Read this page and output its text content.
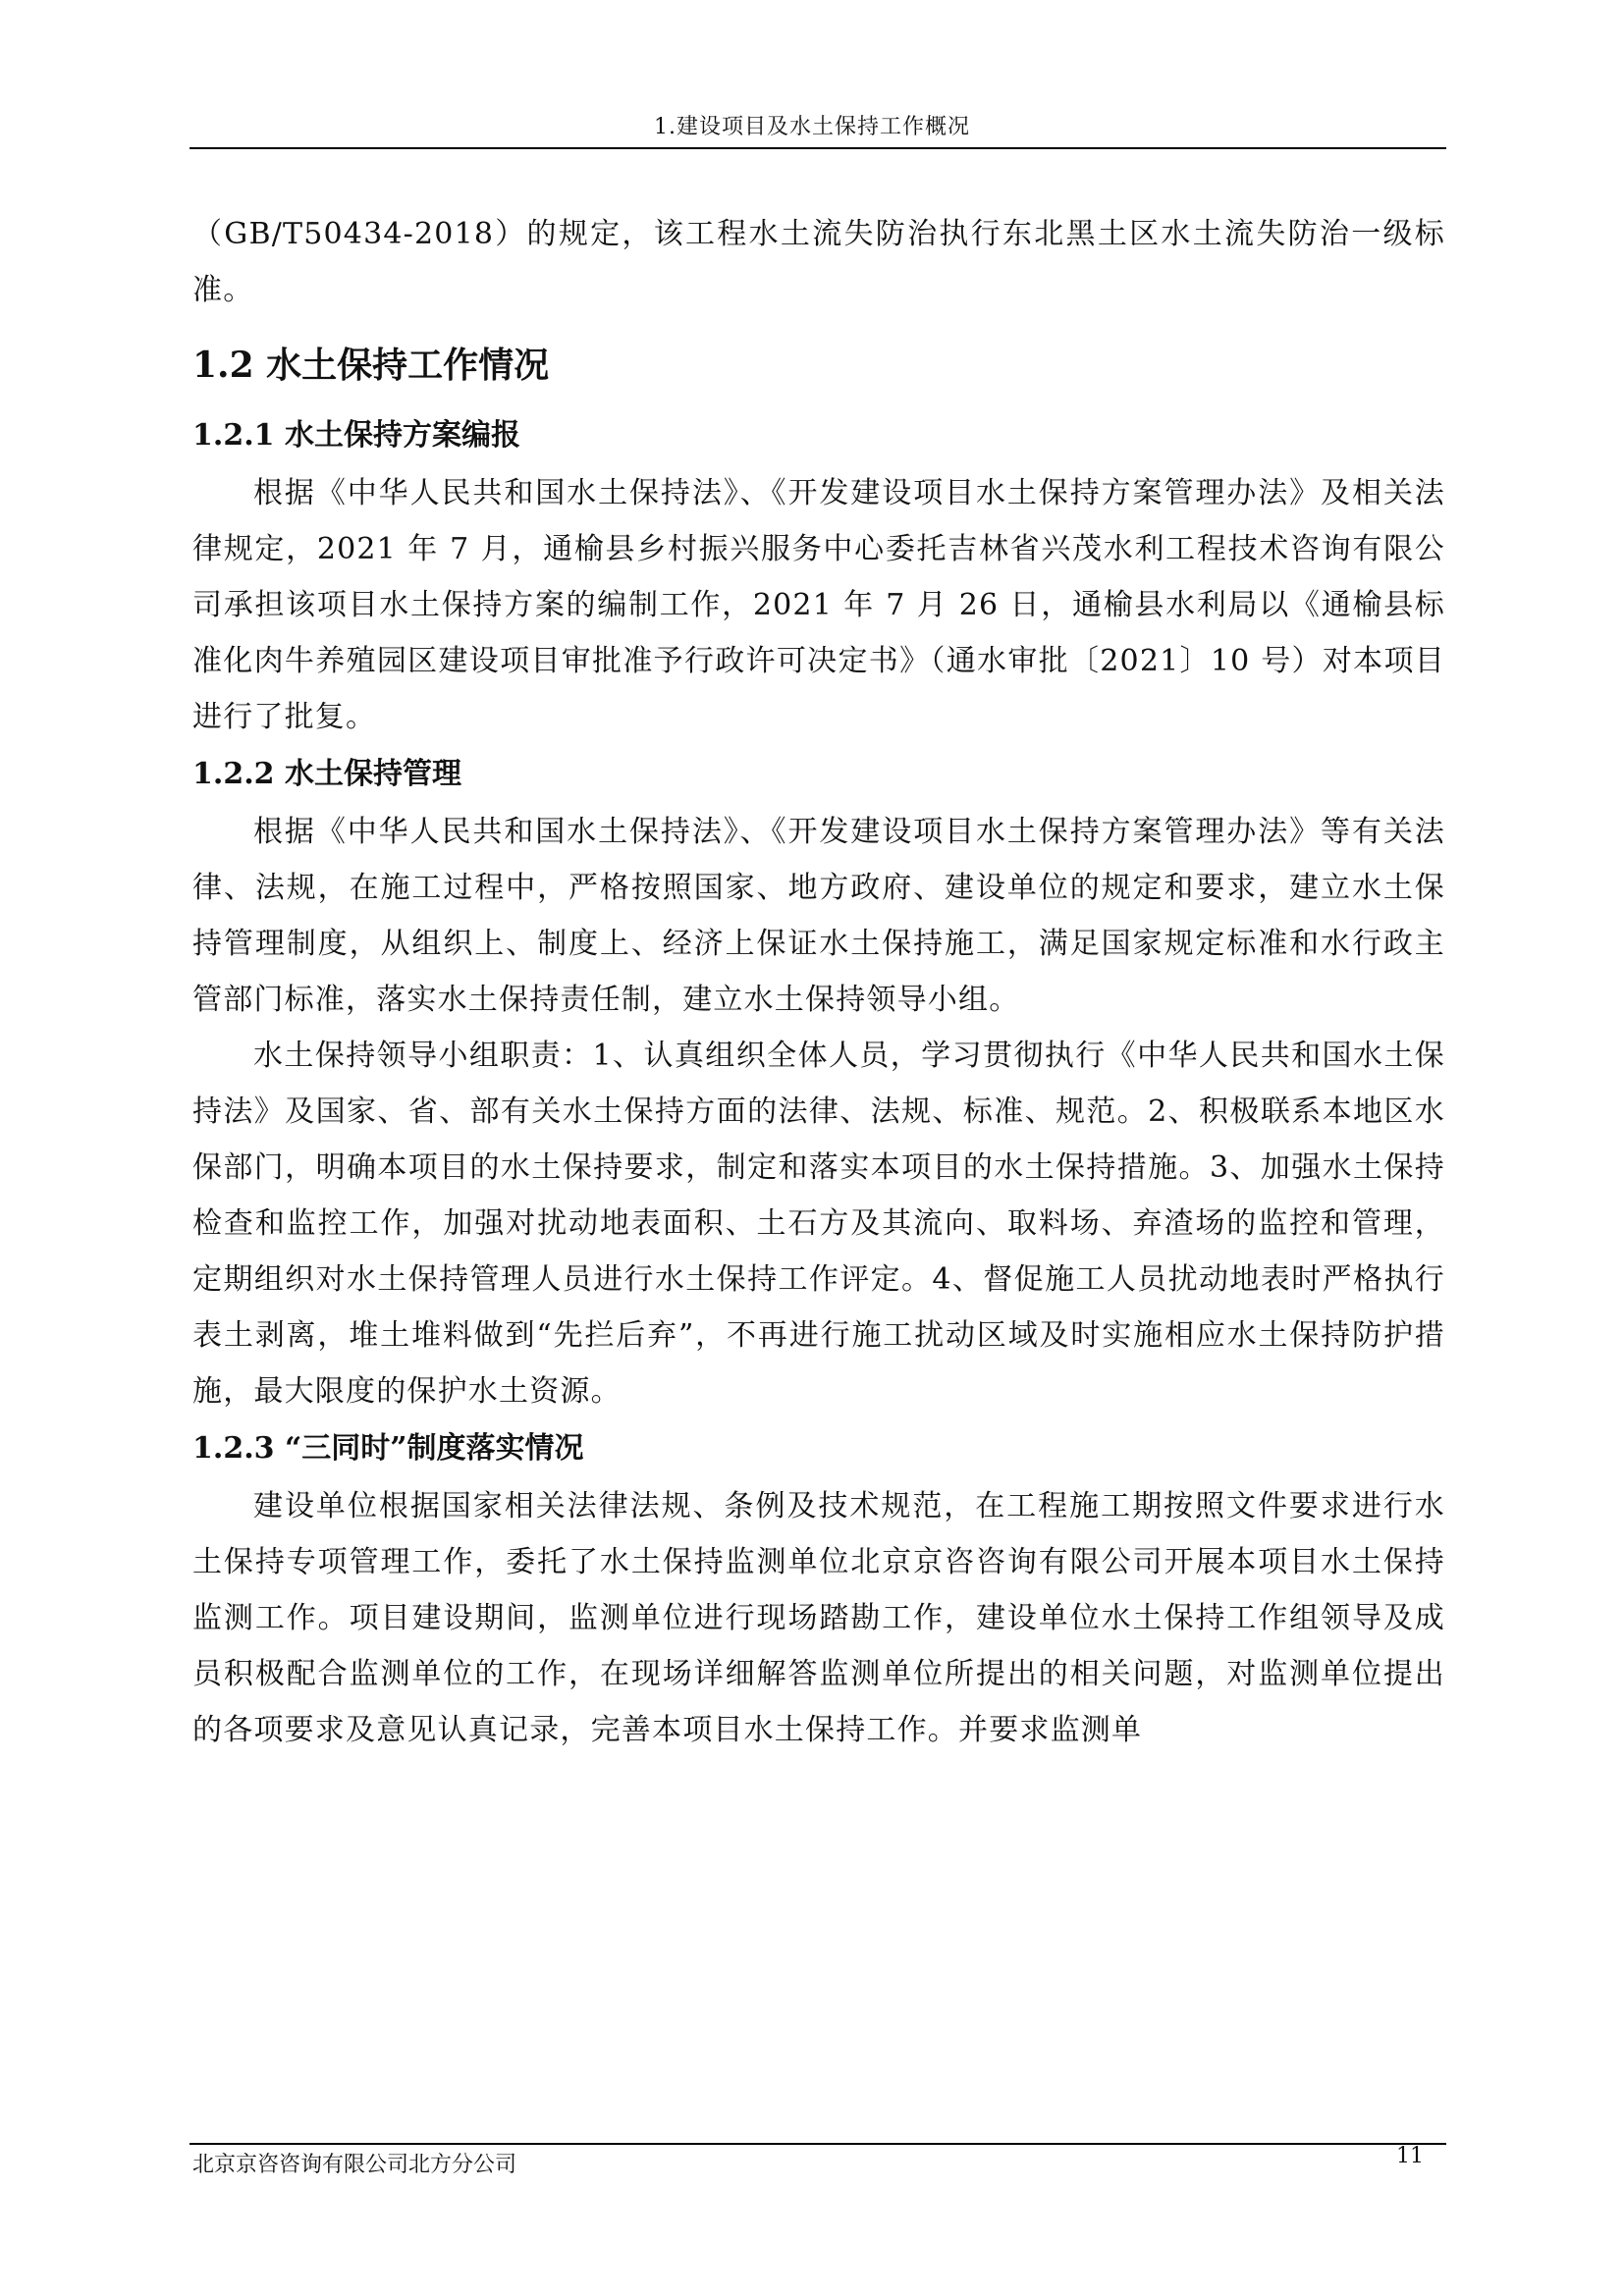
1.建设项目及水土保持工作概况

（GB/T50434-2018）的规定，该工程水土流失防治执行东北黑土区水土流失防治一级标准。

1.2 水土保持工作情况
1.2.1 水土保持方案编报

根据《中华人民共和国水土保持法》、《开发建设项目水土保持方案管理办法》及相关法律规定，2021 年 7 月，通榆县乡村振兴服务中心委托吉林省兴茂水利工程技术咨询有限公司承担该项目水土保持方案的编制工作，2021 年 7 月 26 日，通榆县水利局以《通榆县标准化肉牛养殖园区建设项目审批准予行政许可决定书》（通水审批〔2021〕10 号）对本项目进行了批复。

1.2.2 水土保持管理

根据《中华人民共和国水土保持法》、《开发建设项目水土保持方案管理办法》等有关法律、法规，在施工过程中，严格按照国家、地方政府、建设单位的规定和要求，建立水土保持管理制度，从组织上、制度上、经济上保证水土保持施工，满足国家规定标准和水行政主管部门标准，落实水土保持责任制，建立水土保持领导小组。

水土保持领导小组职责：1、认真组织全体人员，学习贯彻执行《中华人民共和国水土保持法》及国家、省、部有关水土保持方面的法律、法规、标准、规范。2、积极联系本地区水保部门，明确本项目的水土保持要求，制定和落实本项目的水土保持措施。3、加强水土保持检查和监控工作，加强对扰动地表面积、土石方及其流向、取料场、弃渣场的监控和管理，定期组织对水土保持管理人员进行水土保持工作评定。4、督促施工人员扰动地表时严格执行表土剥离，堆土堆料做到“先拦后弃”，不再进行施工扰动区域及时实施相应水土保持防护措施，最大限度的保护水土资源。

1.2.3 “三同时”制度落实情况

建设单位根据国家相关法律法规、条例及技术规范，在工程施工期按照文件要求进行水土保持专项管理工作，委托了水土保持监测单位北京京咨咨询有限公司开展本项目水土保持监测工作。项目建设期间，监测单位进行现场踏勘工作，建设单位水土保持工作组领导及成员积极配合监测单位的工作，在现场详细解答监测单位所提出的相关问题，对监测单位提出的各项要求及意见认真记录，完善本项目水土保持工作。并要求监测单

北京京咨咨询有限公司北方分公司	11
